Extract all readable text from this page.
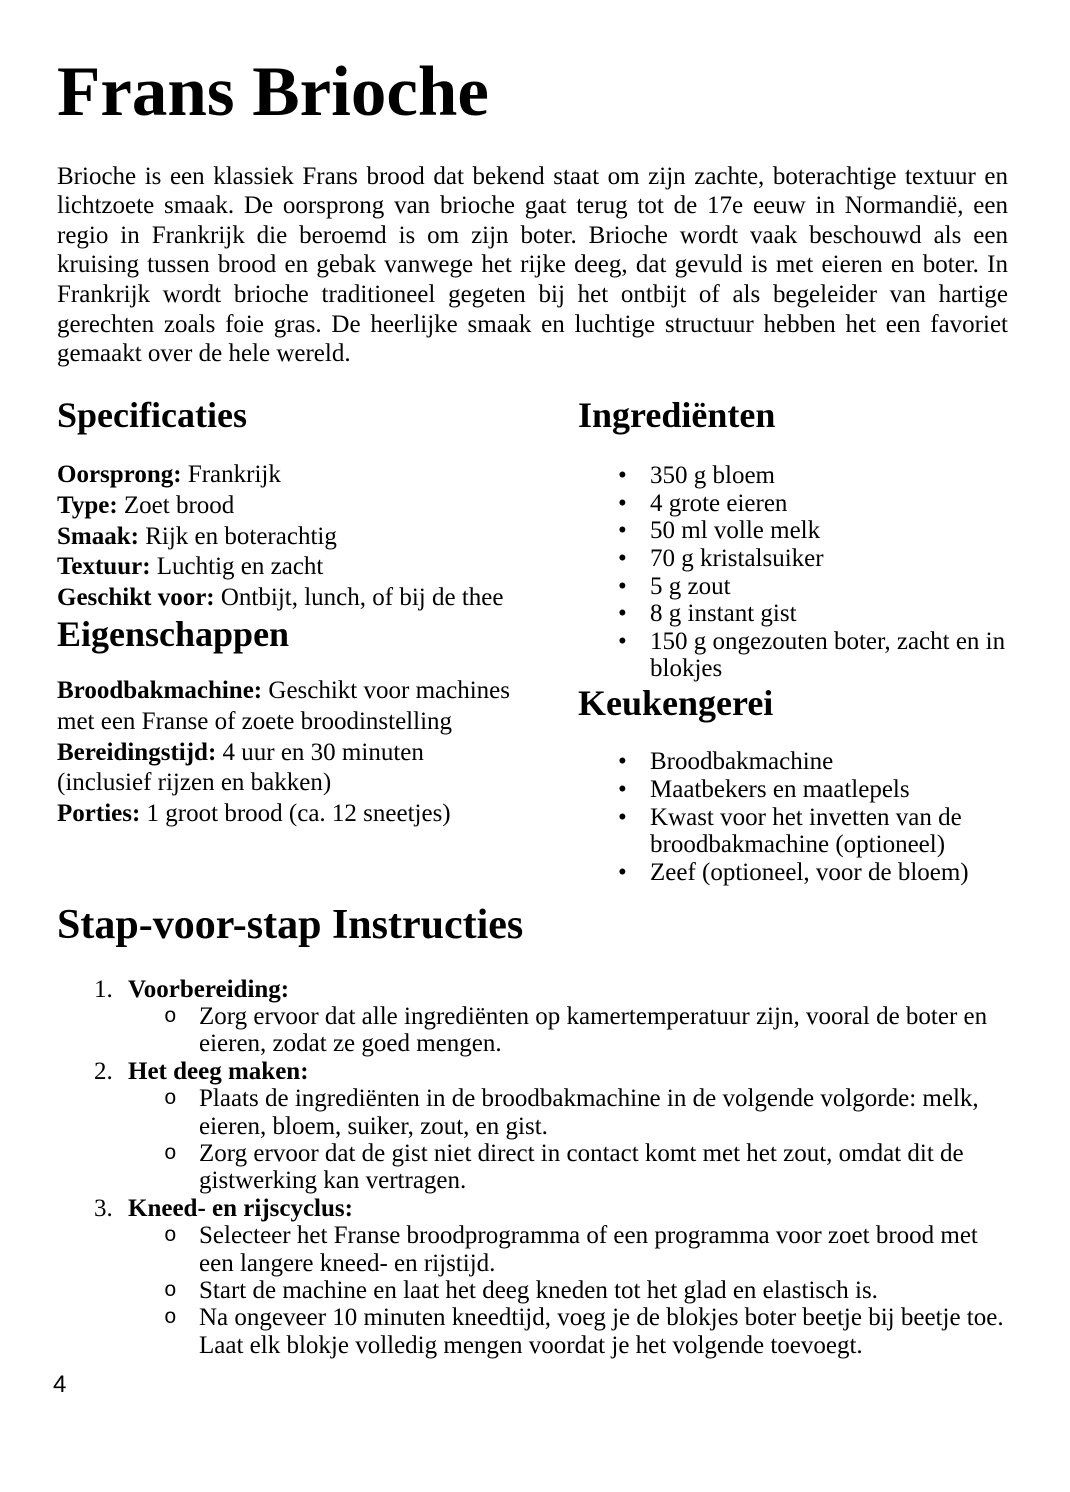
Frans Brioche

Brioche is een klassiek Frans brood dat bekend staat om zijn zachte, boterachtige textuur en lichtzoete smaak. De oorsprong van brioche gaat terug tot de 17e eeuw in Normandië, een regio in Frankrijk die beroemd is om zijn boter. Brioche wordt vaak beschouwd als een kruising tussen brood en gebak vanwege het rijke deeg, dat gevuld is met eieren en boter. In Frankrijk wordt brioche traditioneel gegeten bij het ontbijt of als begeleider van hartige gerechten zoals foie gras. De heerlijke smaak en luchtige structuur hebben het een favoriet gemaakt over de hele wereld.

Specificaties
Oorsprong: Frankrijk
Type: Zoet brood
Smaak: Rijk en boterachtig
Textuur: Luchtig en zacht
Geschikt voor: Ontbijt, lunch, of bij de thee
Eigenschappen
Broodbakmachine: Geschikt voor machines met een Franse of zoete broodinstelling
Bereidingstijd: 4 uur en 30 minuten (inclusief rijzen en bakken)
Porties: 1 groot brood (ca. 12 sneetjes)
Ingrediënten
• 350 g bloem
• 4 grote eieren
• 50 ml volle melk
• 70 g kristalsuiker
• 5 g zout
• 8 g instant gist
• 150 g ongezouten boter, zacht en in blokjes
Keukengerei
• Broodbakmachine
• Maatbekers en maatlepels
• Kwast voor het invetten van de broodbakmachine (optioneel)
• Zeef (optioneel, voor de bloem)
Stap-voor-stap Instructies
1. Voorbereiding:
o Zorg ervoor dat alle ingrediënten op kamertemperatuur zijn, vooral de boter en eieren, zodat ze goed mengen.
2. Het deeg maken:
o Plaats de ingrediënten in de broodbakmachine in de volgende volgorde: melk, eieren, bloem, suiker, zout, en gist.
o Zorg ervoor dat de gist niet direct in contact komt met het zout, omdat dit de gistwerking kan vertragen.
3. Kneed- en rijscyclus:
o Selecteer het Franse broodprogramma of een programma voor zoet brood met een langere kneed- en rijstijd.
o Start de machine en laat het deeg kneden tot het glad en elastisch is.
o Na ongeveer 10 minuten kneedtijd, voeg je de blokjes boter beetje bij beetje toe. Laat elk blokje volledig mengen voordat je het volgende toevoegt.
4
